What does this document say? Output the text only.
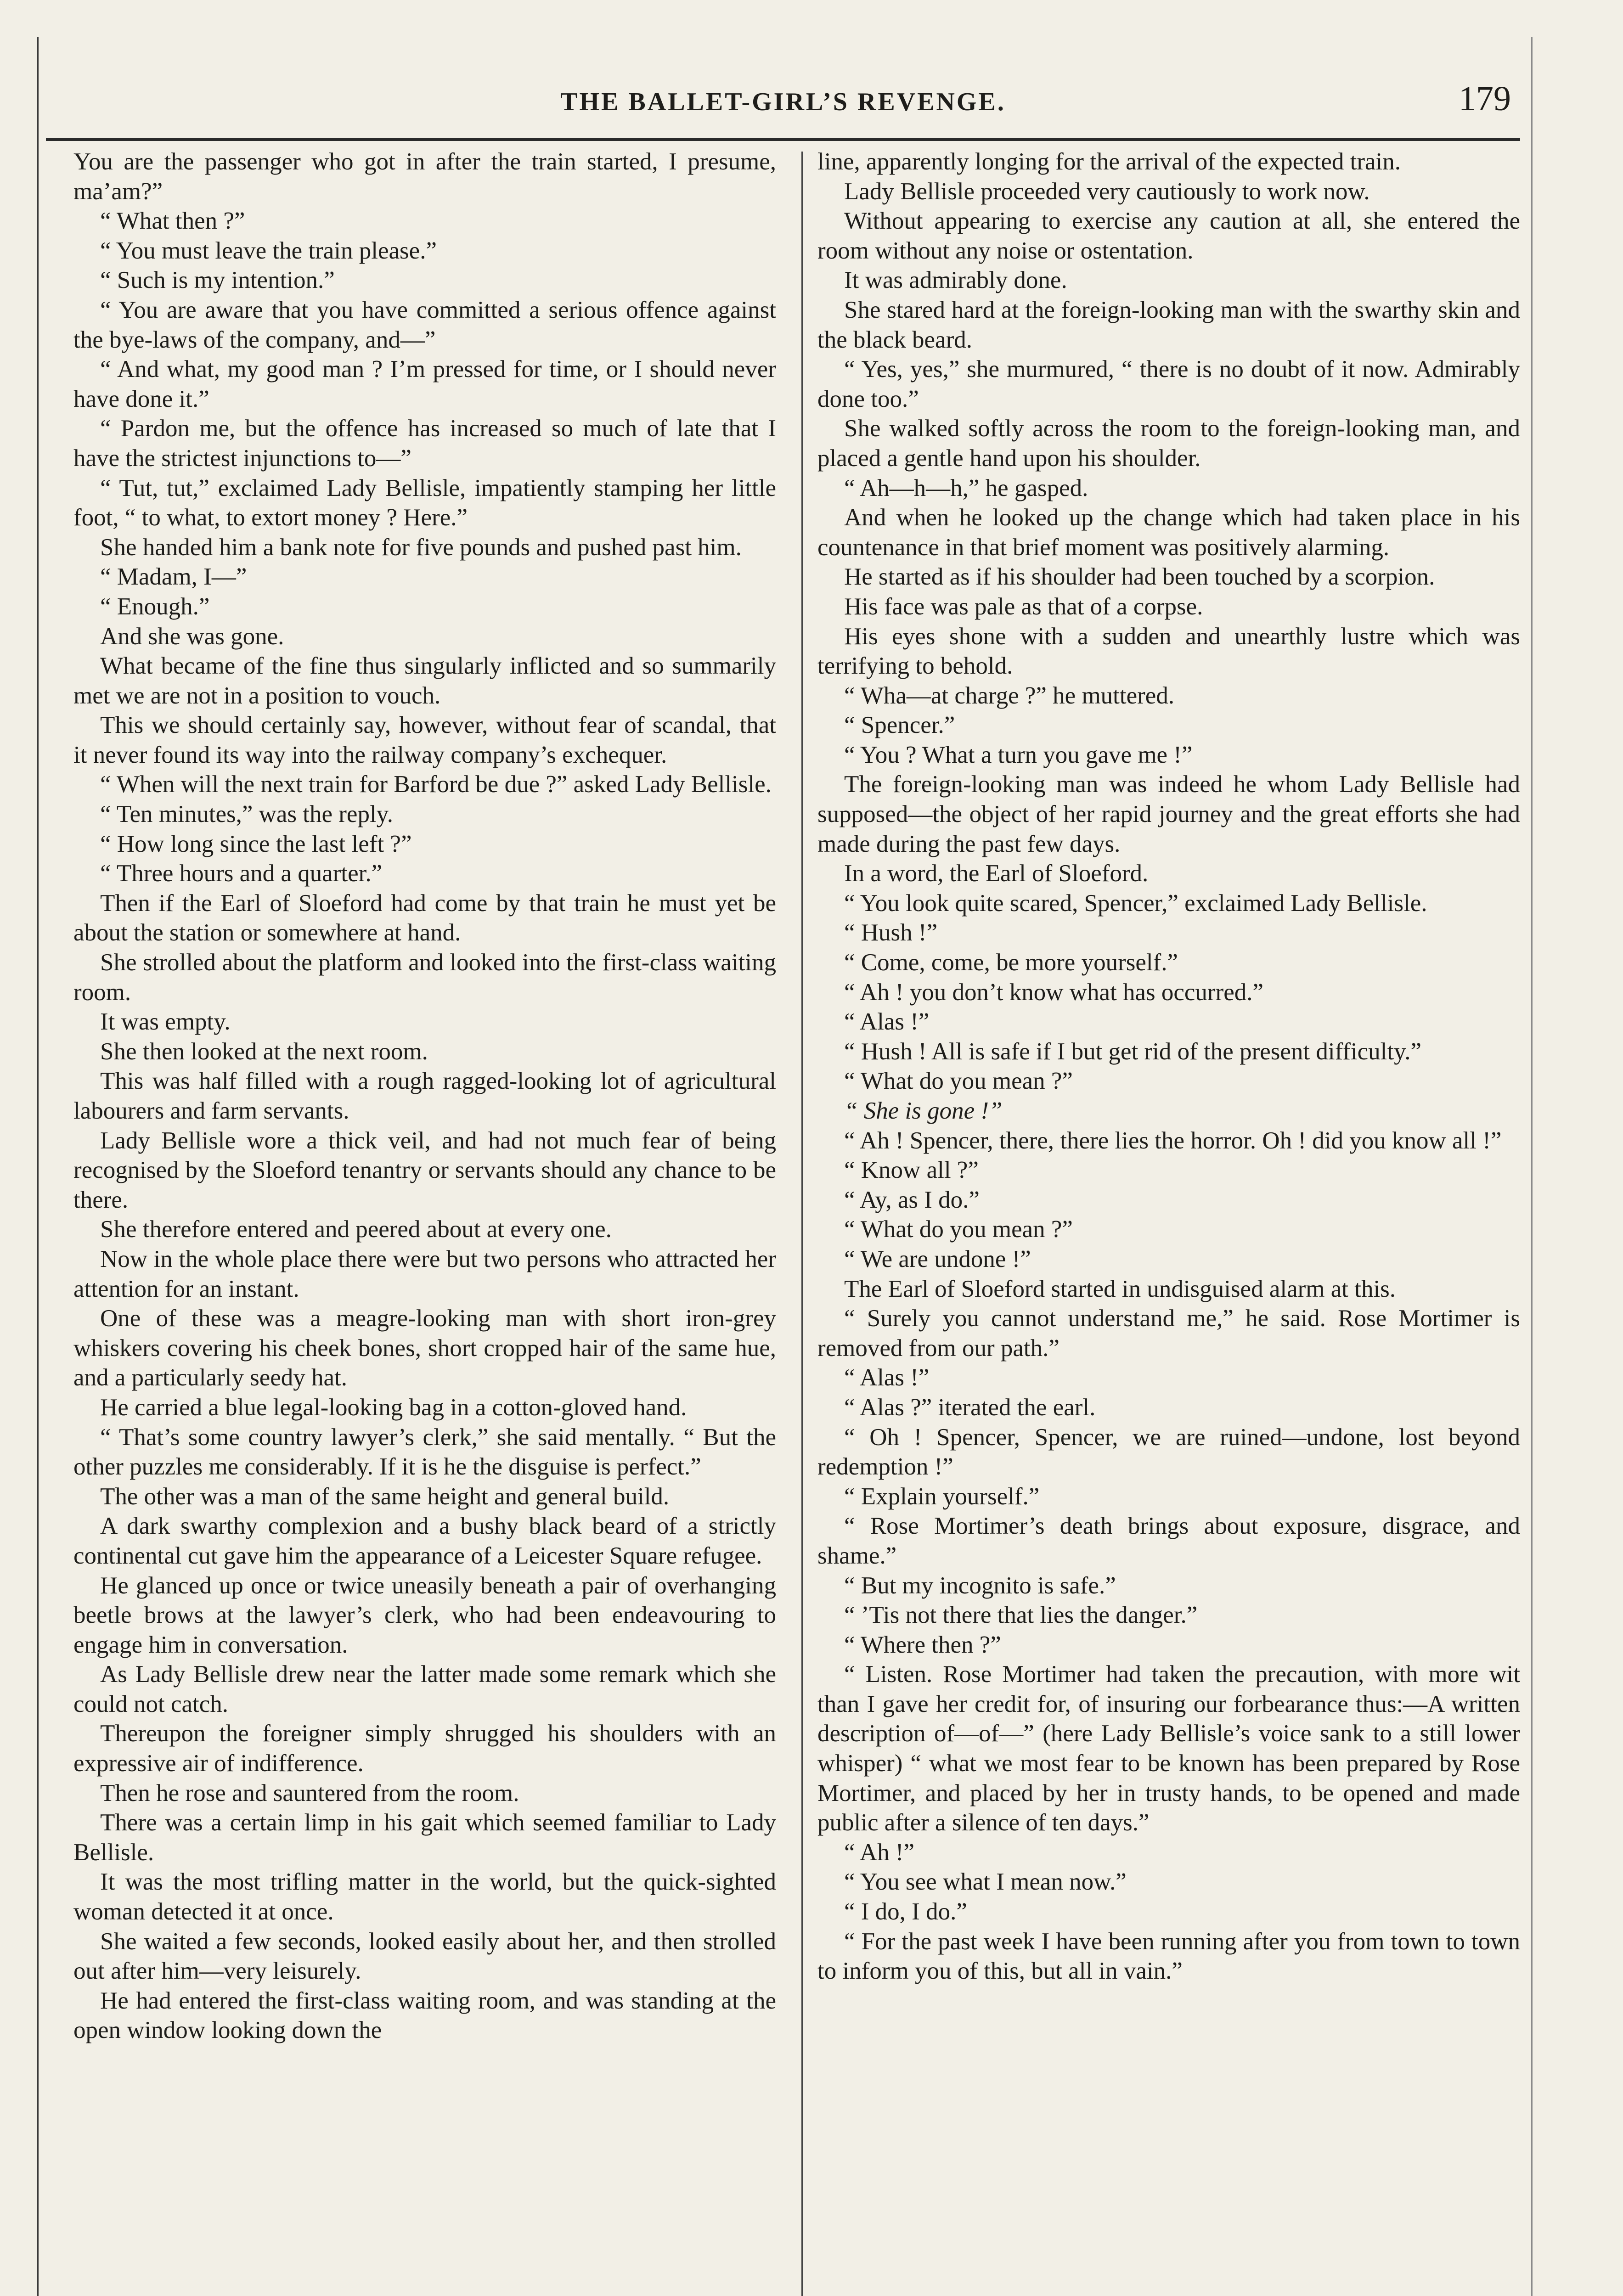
THE BALLET-GIRL’S REVENGE.	179

You are the passenger who got in after the train started, I presume, ma’am?”

“ What then ?”

“ You must leave the train please.”

“ Such is my intention.”

“ You are aware that you have committed a serious offence against the bye-laws of the company, and—”

“ And what, my good man ? I’m pressed for time, or I should never have done it.”

“ Pardon me, but the offence has increased so much of late that I have the strictest injunctions to—”

“ Tut, tut,” exclaimed Lady Bellisle, impatiently stamping her little foot, “ to what, to extort money ? Here.”

She handed him a bank note for five pounds and pushed past him.

“ Madam, I—”

“ Enough.”

And she was gone.

What became of the fine thus singularly inflicted and so summarily met we are not in a position to vouch.

This we should certainly say, however, without fear of scandal, that it never found its way into the railway company’s exchequer.

“ When will the next train for Barford be due ?” asked Lady Bellisle.

“ Ten minutes,” was the reply.

“ How long since the last left ?”

“ Three hours and a quarter.”

Then if the Earl of Sloeford had come by that train he must yet be about the station or somewhere at hand.

She strolled about the platform and looked into the first-class waiting room.

It was empty.

She then looked at the next room.

This was half filled with a rough ragged-looking lot of agricultural labourers and farm servants.

Lady Bellisle wore a thick veil, and had not much fear of being recognised by the Sloeford tenantry or servants should any chance to be there.

She therefore entered and peered about at every one.

Now in the whole place there were but two persons who attracted her attention for an instant.

One of these was a meagre-looking man with short iron-grey whiskers covering his cheek bones, short cropped hair of the same hue, and a particularly seedy hat.

He carried a blue legal-looking bag in a cotton-gloved hand.

“ That’s some country lawyer’s clerk,” she said mentally. “ But the other puzzles me considerably. If it is he the disguise is perfect.”

The other was a man of the same height and general build.

A dark swarthy complexion and a bushy black beard of a strictly continental cut gave him the appearance of a Leicester Square refugee.

He glanced up once or twice uneasily beneath a pair of overhanging beetle brows at the lawyer’s clerk, who had been endeavouring to engage him in conversation.

As Lady Bellisle drew near the latter made some remark which she could not catch.

Thereupon the foreigner simply shrugged his shoulders with an expressive air of indifference.

Then he rose and sauntered from the room.

There was a certain limp in his gait which seemed familiar to Lady Bellisle.

It was the most trifling matter in the world, but the quick-sighted woman detected it at once.

She waited a few seconds, looked easily about her, and then strolled out after him—very leisurely.

He had entered the first-class waiting room, and was standing at the open window looking down the

line, apparently longing for the arrival of the expected train.

Lady Bellisle proceeded very cautiously to work now.

Without appearing to exercise any caution at all, she entered the room without any noise or ostentation.

It was admirably done.

She stared hard at the foreign-looking man with the swarthy skin and the black beard.

“ Yes, yes,” she murmured, “ there is no doubt of it now. Admirably done too.”

She walked softly across the room to the foreign-looking man, and placed a gentle hand upon his shoulder.

“ Ah—h—h,” he gasped.

And when he looked up the change which had taken place in his countenance in that brief moment was positively alarming.

He started as if his shoulder had been touched by a scorpion.

His face was pale as that of a corpse.

His eyes shone with a sudden and unearthly lustre which was terrifying to behold.

“ Wha—at charge ?” he muttered.

“ Spencer.”

“ You ? What a turn you gave me !”

The foreign-looking man was indeed he whom Lady Bellisle had supposed—the object of her rapid journey and the great efforts she had made during the past few days.

In a word, the Earl of Sloeford.

“ You look quite scared, Spencer,” exclaimed Lady Bellisle.

“ Hush !”

“ Come, come, be more yourself.”

“ Ah ! you don’t know what has occurred.”

“ Alas !”

“ Hush ! All is safe if I but get rid of the present difficulty.”

“ What do you mean ?”

“ She is gone !”

“ Ah ! Spencer, there, there lies the horror. Oh ! did you know all !”

“ Know all ?”

“ Ay, as I do.”

“ What do you mean ?”

“ We are undone !”

The Earl of Sloeford started in undisguised alarm at this.

“ Surely you cannot understand me,” he said. Rose Mortimer is removed from our path.”

“ Alas !”

“ Alas ?” iterated the earl.

“ Oh ! Spencer, Spencer, we are ruined—undone, lost beyond redemption !”

“ Explain yourself.”

“ Rose Mortimer’s death brings about exposure, disgrace, and shame.”

“ But my incognito is safe.”

“ ’Tis not there that lies the danger.”

“ Where then ?”

“ Listen. Rose Mortimer had taken the precaution, with more wit than I gave her credit for, of insuring our forbearance thus:—A written description of—of—” (here Lady Bellisle’s voice sank to a still lower whisper) “ what we most fear to be known has been prepared by Rose Mortimer, and placed by her in trusty hands, to be opened and made public after a silence of ten days.”

“ Ah !”

“ You see what I mean now.”

“ I do, I do.”

“ For the past week I have been running after you from town to town to inform you of this, but all in vain.”
